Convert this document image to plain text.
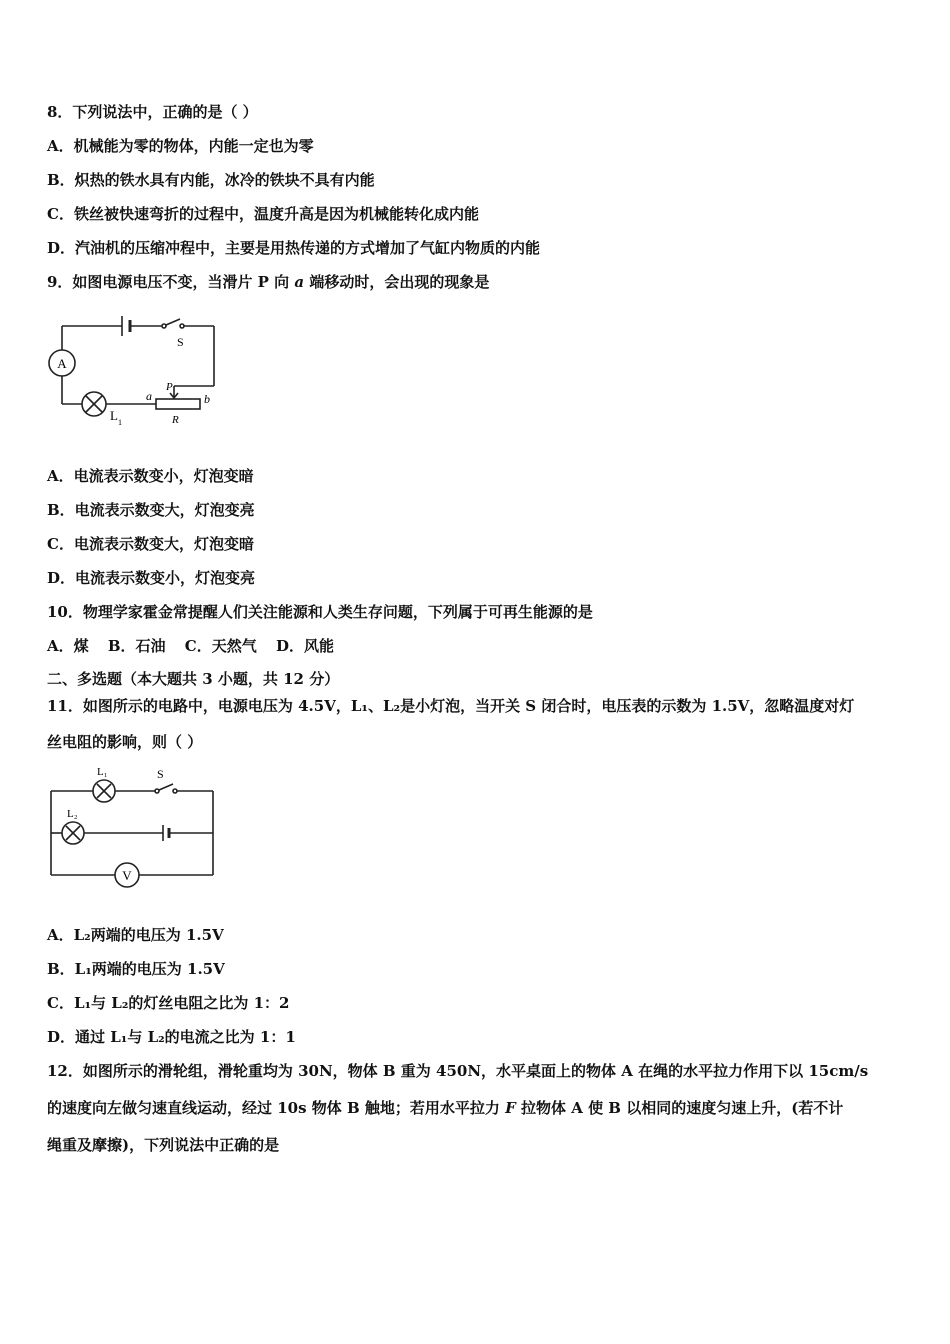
8．下列说法中，正确的是（ ）
A．机械能为零的物体，内能一定也为零
B．炽热的铁水具有内能，冰冷的铁块不具有内能
C．铁丝被快速弯折的过程中，温度升高是因为机械能转化成内能
D．汽油机的压缩冲程中，主要是用热传递的方式增加了气缸内物质的内能
9．如图电源电压不变，当滑片 P 向 a 端移动时，会出现的现象是
A
S
L 1
a	b
P
R
A．电流表示数变小，灯泡变暗
B．电流表示数变大，灯泡变亮
C．电流表示数变大，灯泡变暗
D．电流表示数变小，灯泡变亮
10．物理学家霍金常提醒人们关注能源和人类生存问题，下列属于可再生能源的是
A．煤 B．石油 C．天然气 D．风能
二、多选题（本大题共 3 小题，共 12 分）
11．如图所示的电路中，电源电压为 4.5V，L₁、L₂是小灯泡，当开关 S 闭合时，电压表的示数为 1.5V，忽略温度对灯
丝电阻的影响，则（ ）
L₁
L₂
S
V
A．L₂两端的电压为 1.5V
B．L₁两端的电压为 1.5V
C．L₁与 L₂的灯丝电阻之比为 1：2
D．通过 L₁与 L₂的电流之比为 1：1
12．如图所示的滑轮组，滑轮重均为 30N，物体 B 重为 450N，水平桌面上的物体 A 在绳的水平拉力作用下以 15cm/s
的速度向左做匀速直线运动，经过 10s 物体 B 触地；若用水平拉力 F 拉物体 A 使 B 以相同的速度匀速上升，(若不计
绳重及摩擦)，下列说法中正确的是
